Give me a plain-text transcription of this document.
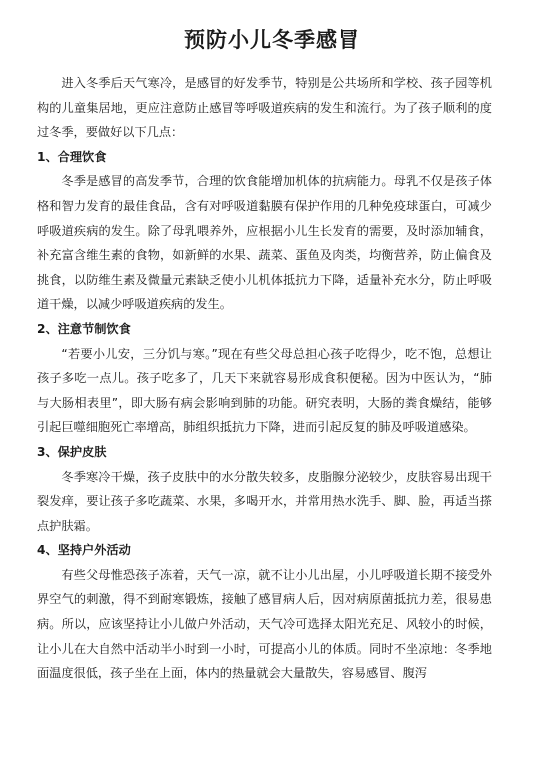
预防小儿冬季感冒

进入冬季后天气寒冷，是感冒的好发季节，特别是公共场所和学校、孩子园等机构的儿童集居地，更应注意防止感冒等呼吸道疾病的发生和流行。为了孩子顺利的度过冬季，要做好以下几点：

1、合理饮食

冬季是感冒的高发季节，合理的饮食能增加机体的抗病能力。母乳不仅是孩子体格和智力发育的最佳食品，含有对呼吸道黏膜有保护作用的几种免疫球蛋白，可减少呼吸道疾病的发生。除了母乳喂养外，应根据小儿生长发育的需要，及时添加辅食，补充富含维生素的食物，如新鲜的水果、蔬菜、蛋鱼及肉类，均衡营养，防止偏食及挑食，以防维生素及微量元素缺乏使小儿机体抵抗力下降，适量补充水分，防止呼吸道干燥，以减少呼吸道疾病的发生。

2、注意节制饮食

“若要小儿安，三分饥与寒。”现在有些父母总担心孩子吃得少，吃不饱，总想让孩子多吃一点儿。孩子吃多了，几天下来就容易形成食积便秘。因为中医认为，“肺与大肠相表里”，即大肠有病会影响到肺的功能。研究表明，大肠的粪食燥结，能够引起巨噬细胞死亡率增高，肺组织抵抗力下降，进而引起反复的肺及呼吸道感染。

3、保护皮肤

冬季寒冷干燥，孩子皮肤中的水分散失较多，皮脂腺分泌较少，皮肤容易出现干裂发痒，要让孩子多吃蔬菜、水果，多喝开水，并常用热水洗手、脚、脸，再适当搽点护肤霜。

4、坚持户外活动

有些父母惟恐孩子冻着，天气一凉，就不让小儿出屋，小儿呼吸道长期不接受外界空气的刺激，得不到耐寒锻炼，接触了感冒病人后，因对病原菌抵抗力差，很易患病。所以，应该坚持让小儿做户外活动，天气冷可选择太阳光充足、风较小的时候，让小儿在大自然中活动半小时到一小时，可提高小儿的体质。同时不坐凉地：冬季地面温度很低，孩子坐在上面，体内的热量就会大量散失，容易感冒、腹泻
